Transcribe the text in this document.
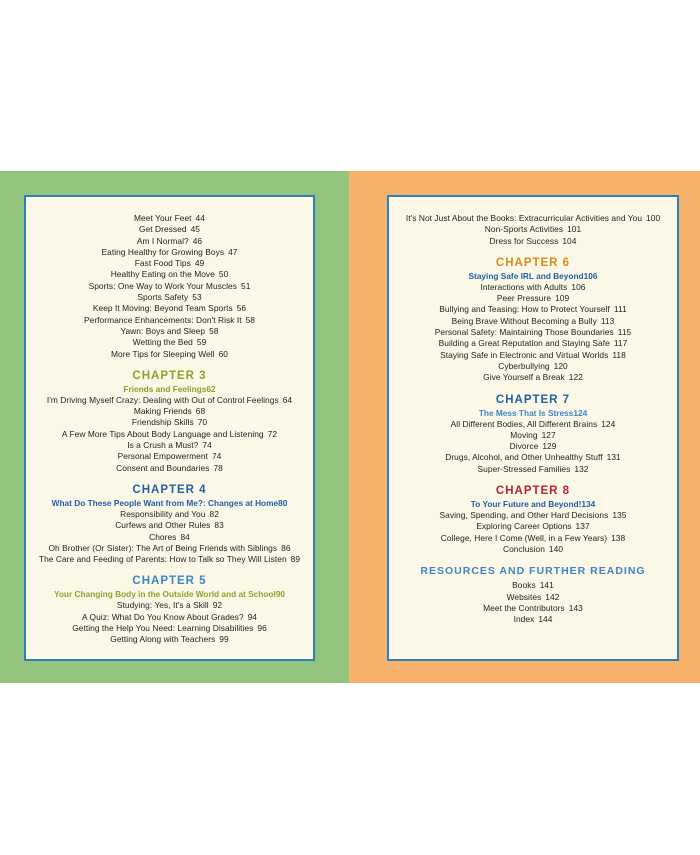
Meet Your Feet 44
Get Dressed 45
Am I Normal? 46
Eating Healthy for Growing Boys 47
Fast Food Tips 49
Healthy Eating on the Move 50
Sports: One Way to Work Your Muscles 51
Sports Safety 53
Keep It Moving: Beyond Team Sports 56
Performance Enhancements: Don't Risk It 58
Yawn: Boys and Sleep 58
Wetting the Bed 59
More Tips for Sleeping Well 60
CHAPTER 3
Friends and Feelings62
I'm Driving Myself Crazy: Dealing with Out of Control Feelings 64
Making Friends 68
Friendship Skills 70
A Few More Tips About Body Language and Listening 72
Is a Crush a Must? 74
Personal Empowerment 74
Consent and Boundaries 78
CHAPTER 4
What Do These People Want from Me?: Changes at Home80
Responsibility and You 82
Curfews and Other Rules 83
Chores 84
Oh Brother (Or Sister): The Art of Being Friends with Siblings 86
The Care and Feeding of Parents: How to Talk so They Will Listen 89
CHAPTER 5
Your Changing Body in the Outside World and at School90
Studying: Yes, It's a Skill 92
A Quiz: What Do You Know About Grades? 94
Getting the Help You Need: Learning Disabilities 96
Getting Along with Teachers 99
It's Not Just About the Books: Extracurricular Activities and You 100
Non-Sports Activities 101
Dress for Success 104
CHAPTER 6
Staying Safe IRL and Beyond106
Interactions with Adults 106
Peer Pressure 109
Bullying and Teasing: How to Protect Yourself 111
Being Brave Without Becoming a Bully 113
Personal Safety: Maintaining Those Boundaries 115
Building a Great Reputation and Staying Safe 117
Staying Safe in Electronic and Virtual Worlds 118
Cyberbullying 120
Give Yourself a Break 122
CHAPTER 7
The Mess That Is Stress124
All Different Bodies, All Different Brains 124
Moving 127
Divorce 129
Drugs, Alcohol, and Other Unhealthy Stuff 131
Super-Stressed Families 132
CHAPTER 8
To Your Future and Beyond!134
Saving, Spending, and Other Hard Decisions 135
Exploring Career Options 137
College, Here I Come (Well, in a Few Years) 138
Conclusion 140
RESOURCES AND FURTHER READING
Books 141
Websites 142
Meet the Contributors 143
Index 144
